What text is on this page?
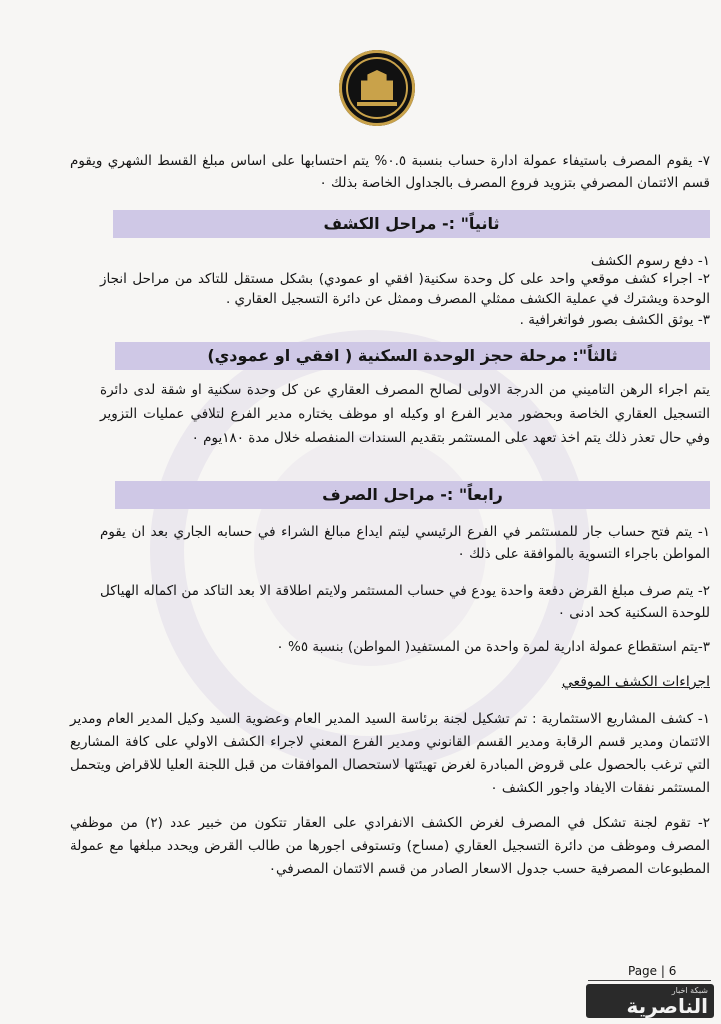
٧- يقوم المصرف باستيفاء عمولة ادارة حساب بنسبة ٠.٥% يتم احتسابها على اساس مبلغ القسط الشهري ويقوم قسم الائتمان المصرفي بتزويد فروع المصرف بالجداول الخاصة بذلك ٠
ثانياً" :- مراحل الكشف
١- دفع رسوم الكشف
٢- اجراء كشف موقعي واحد على كل وحدة سكنية( افقي او عمودي) بشكل مستقل للتاكد من مراحل انجاز الوحدة ويشترك في عملية الكشف ممثلي المصرف وممثل عن دائرة التسجيل العقاري .
٣- يوثق الكشف بصور فواتغرافية .
ثالثاً": مرحلة حجز الوحدة السكنية ( افقي او عمودي)
يتم اجراء الرهن التاميني من الدرجة الاولى لصالح المصرف العقاري عن كل وحدة سكنية او شقة لدى دائرة التسجيل العقاري الخاصة وبحضور مدير الفرع او وكيله او موظف يختاره مدير الفرع لتلافي عمليات التزوير وفي حال تعذر ذلك يتم اخذ تعهد على المستثمر بتقديم السندات المنفصله خلال مدة ١٨٠يوم ٠
رابعاً" :- مراحل الصرف
١- يتم فتح حساب جار للمستثمر في الفرع الرئيسي ليتم ايداع مبالغ الشراء في حسابه الجاري بعد ان يقوم المواطن باجراء التسوية بالموافقة على ذلك ٠
٢- يتم صرف مبلغ القرض دفعة واحدة يودع في حساب المستثمر ولايتم اطلاقة الا بعد التاكد من اكماله الهياكل للوحدة السكنية كحد ادنى ٠
٣-يتم استقطاع عمولة ادارية لمرة واحدة من المستفيد( المواطن) بنسبة ٥% ٠
اجراءات الكشف الموقعي
١- كشف المشاريع الاستثمارية : تم تشكيل لجنة برئاسة السيد المدير العام وعضوية السيد وكيل المدير العام ومدير الائتمان ومدير قسم الرقابة ومدير القسم القانوني ومدير الفرع المعني لاجراء الكشف الاولي على كافة المشاريع التي ترغب بالحصول على قروض المبادرة لغرض تهيئتها لاستحصال الموافقات من قبل اللجنة العليا للاقراض ويتحمل المستثمر نفقات الايفاد واجور الكشف ٠
٢- تقوم لجنة تشكل في المصرف لغرض الكشف الانفرادي على العقار تتكون من خبير عدد (٢) من موظفي المصرف وموظف من دائرة التسجيل العقاري (مساح) وتستوفى اجورها من طالب القرض ويحدد مبلغها مع عمولة المطبوعات المصرفية حسب جدول الاسعار الصادر من قسم الائتمان المصرفي٠
Page | 6
شبكة اخبار
الناصرية
